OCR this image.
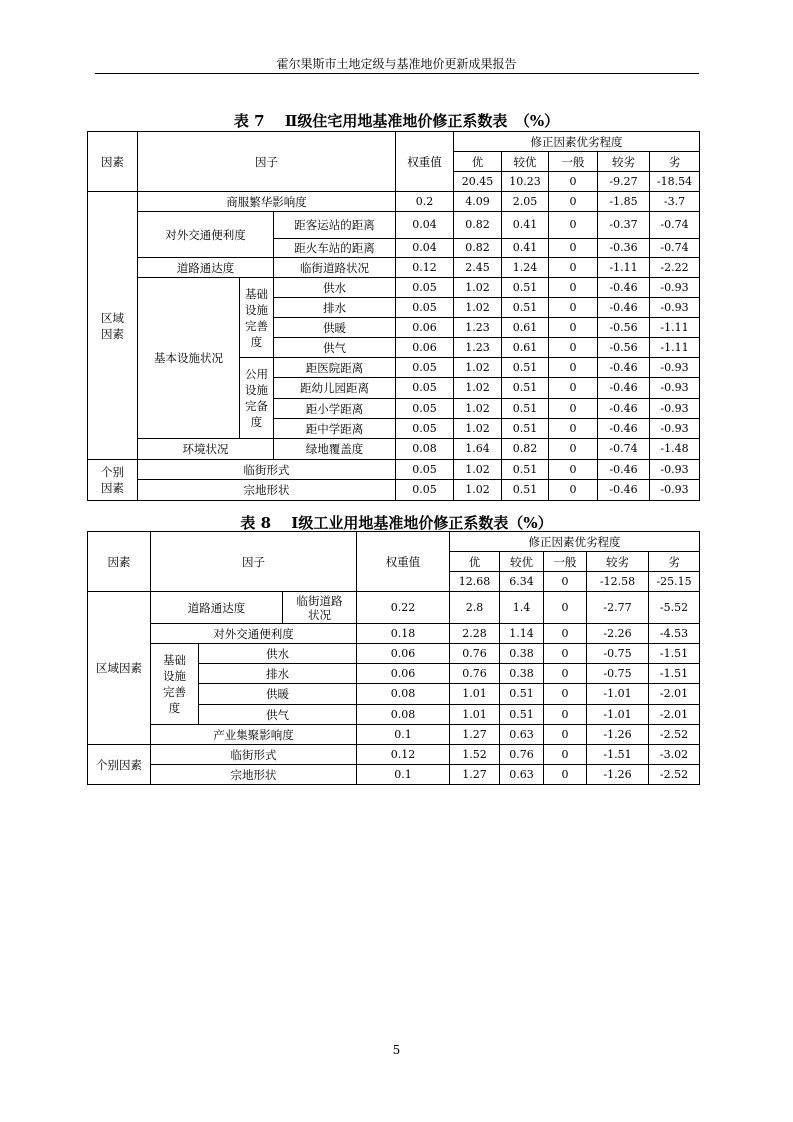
霍尔果斯市土地定级与基准地价更新成果报告
表 7　 Ⅱ级住宅用地基准地价修正系数表　（%）
因素	因子			权重值	修正因素优劣程度				
					优	较优	一般	较劣	劣
					20.45	10.23	0	-9.27	-18.54
区域
因素	商服繁华影响度			0.2	4.09	2.05	0	-1.85	-3.7
	对外交通便利度		距客运站的距离	0.04	0.82	0.41	0	-0.37	-0.74
			距火车站的距离	0.04	0.82	0.41	0	-0.36	-0.74
	道路通达度		临街道路状况	0.12	2.45	1.24	0	-1.11	-2.22
	基本设施状况	基础
设施
完善
度	供水	0.05	1.02	0.51	0	-0.46	-0.93
			排水	0.05	1.02	0.51	0	-0.46	-0.93
			供暖	0.06	1.23	0.61	0	-0.56	-1.11
			供气	0.06	1.23	0.61	0	-0.56	-1.11
		公用
设施
完备
度	距医院距离	0.05	1.02	0.51	0	-0.46	-0.93
			距幼儿园距离	0.05	1.02	0.51	0	-0.46	-0.93
			距小学距离	0.05	1.02	0.51	0	-0.46	-0.93
			距中学距离	0.05	1.02	0.51	0	-0.46	-0.93
	环境状况		绿地覆盖度	0.08	1.64	0.82	0	-0.74	-1.48
个别
因素	临街形式			0.05	1.02	0.51	0	-0.46	-0.93
	宗地形状			0.05	1.02	0.51	0	-0.46	-0.93
表 8　 Ⅰ级工业用地基准地价修正系数表（%）
因素	因子			权重值	修正因素优劣程度				
					优	较优	一般	较劣	劣
					12.68	6.34	0	-12.58	-25.15
区域因素	道路通达度		临街道路
状况	0.22	2.8	1.4	0	-2.77	-5.52
	对外交通便利度			0.18	2.28	1.14	0	-2.26	-4.53
	基础
设施
完善
度	供水		0.06	0.76	0.38	0	-0.75	-1.51
		排水		0.06	0.76	0.38	0	-0.75	-1.51
		供暖		0.08	1.01	0.51	0	-1.01	-2.01
		供气		0.08	1.01	0.51	0	-1.01	-2.01
	产业集聚影响度			0.1	1.27	0.63	0	-1.26	-2.52
个别因素	临街形式			0.12	1.52	0.76	0	-1.51	-3.02
	宗地形状			0.1	1.27	0.63	0	-1.26	-2.52
5
